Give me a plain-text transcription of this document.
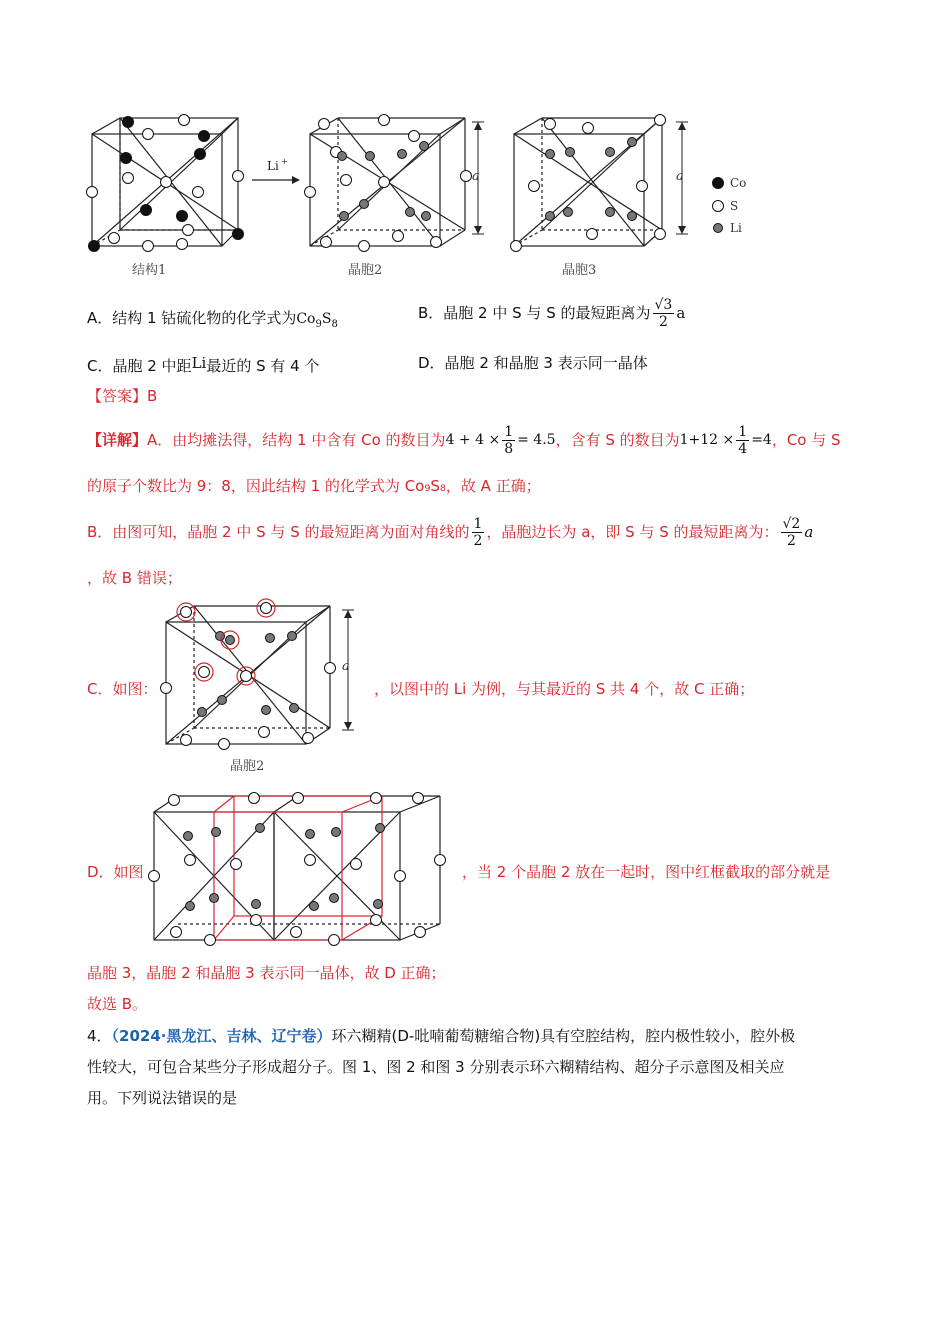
Li +
a	a	Co
S
Li
结构1	晶胞2	晶胞3
A．结构 1 钴硫化物的化学式为$Co_9S_8$
B．晶胞 2 中 S 与 S 的最短距离为 $\frac{√3}{2}$ a
C．晶胞 2 中距Li最近的 S 有 4 个	D．晶胞 2 和晶胞 3 表示同一晶体
【答案】B
【详解】 A．由均摊法得，结构 1 中含有 Co 的数目为 $4 + 4 \times \frac{1}{8} = 4.5$ ，含有 S 的数目为 $1+12 \times \frac{1}{4} =4$ ，Co 与 S
的原子个数比为 9：8，因此结构 1 的化学式为 Co₉S₈，故 A 正确；
B．由图可知，晶胞 2 中 S 与 S 的最短距离为面对角线的 $\frac{1}{2}$ ，晶胞边长为 a，即 S 与 S 的最短距离为： $\frac{√2}{2}$ a
，故 B 错误；
C．如图：
a
晶胞2
，以图中的 Li 为例，与其最近的 S 共 4 个，故 C 正确；
D．如图	，当 2 个晶胞 2 放在一起时，图中红框截取的部分就是
晶胞 3，晶胞 2 和晶胞 3 表示同一晶体，故 D 正确；
故选 B。
4．（2024·黑龙江、吉林、辽宁卷）环六糊精(D-吡喃葡萄糖缩合物)具有空腔结构，腔内极性较小，腔外极
性较大，可包合某些分子形成超分子。图 1、图 2 和图 3 分别表示环六糊精结构、超分子示意图及相关应
用。下列说法错误的是
